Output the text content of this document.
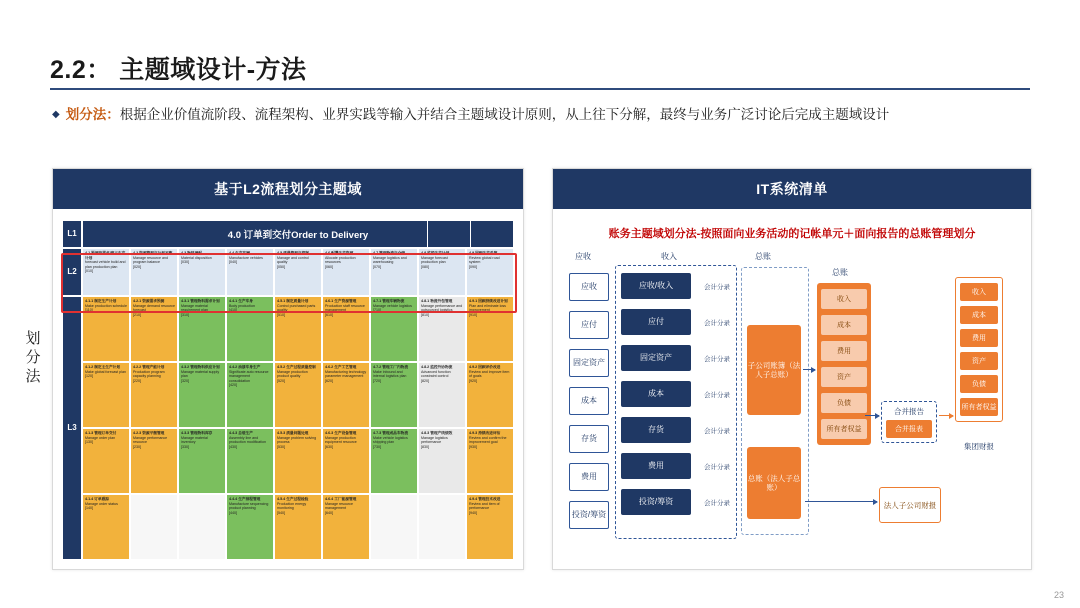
2.2： 主题域设计-方法
◆ 划分法： 根据企业价值流阶段、流程架构、业界实践等输入并结合主题域设计原则，从上往下分解，最终与业务广泛讨论后完成主题域设计
划分法
基于L2流程划分主题域
L1
L2
L3
4.0 订单到交付Order to Delivery
4.1 预测指需求/建立生产计划
forecast vehicle build and plan production plan
[010]
4.2 资源管理与计划平衡
Manage resource and program balance
[020]
4.3 物料调配
Material disposition
[030]
4.4 生产车辆
Manufacture vehicles
[040]
4.5 质量管理与控制
Manage and control quality
[050]
4.6 配置生产资源
Allocate production resources
[060]
4.7 管理物流与仓储
Manage logistics and warehousing
[070]
4.8 监控生产计划
Manage forecast production plan
[080]
4.9 回顾生产系统
Review global road system
[090]
4.1.1 制定生产计划
Make production schedule
[110]
4.2.1 资源需求预测
Manage demand resource forecast
[210]
4.3.1 管理物料需求计划
Manage material requirement plan
[310]
4.4.1 生产车身
Body production
[410]
4.5.1 制定质量计划
Control purchased parts quality
[510]
4.6.1 生产资源管理
Production staff resource management
[610]
4.7.1 管理车辆物流
Manage vehicle logistics
[710]
4.8.1 物流外包管理
Manage performance and outsourced logistics
[810]
4.9.1 回顾持续改进计划
Plan and eliminate loss improvement
[910]
4.1.2 制定主生产计划
Make global forecast plan
[120]
4.2.2 管理产能计划
Production program capacity planning
[220]
4.3.2 管理物料供应计划
Manage material supply plan
[320]
4.4.2 油漆车身生产
Significate auto resource management consolidation
[420]
4.5.2 生产过程质量控制
Manage production product quality
[520]
4.6.2 生产工艺管理
Manufacturing technology parameter management
[620]
4.7.2 管理工厂内物流
Make inbound and internal logistics plan
[720]
4.8.2 监控外协物流
Advanced function constraint control
[820]
4.9.2 回顾评价改进
Review and improve item of goals
[920]
4.1.3 管理订单交付
Manage order plan
[130]
4.2.3 资源平衡管理
Manage performance resource
[230]
4.3.3 管理物料库存
Manage material inventory
[330]
4.4.3 总装生产
Assembly line and production modification
[430]
4.5.3 质量问题处理
Manage problem solving process
[530]
4.6.3 生产设备管理
Manage production equipment resource
[630]
4.7.3 管理成品车物流
Make vehicle logistics shipping plan
[730]
4.8.3 管理产线绩效
Manage logistics performance
[830]
4.9.3 持续改进评估
Review and confirm the improvement goal
[930]
4.1.4 订单跟踪
Manage order status
[140]
4.4.4 生产排程管理
Manufacture sequencing product planning
[440]
4.5.4 生产过程检验
Production energy monitoring
[540]
4.6.4 工厂能源管理
Manage resource management
[640]
4.9.4 管理技术改进
Review and item of performance
[940]
IT系统清单
账务主题域划分法-按照面向业务活动的记帐单元＋面向报告的总账管理划分
应收	收入	总账
应收
应付
固定资产
成本
存货
费用
投资/筹资
应收/收入
应付
固定资产
成本
存货
费用
投资/筹资
会计分录
会计分录
会计分录
会计分录
会计分录
会计分录
会计分录
子公司账簿（法人子总账）
总账（法人子总账）
总账
收入
成本
费用
资产
负债
所有者权益
合并报告
合并报表
收入
成本
费用
资产
负债
所有者权益
集团财报
法人子公司财报
23
